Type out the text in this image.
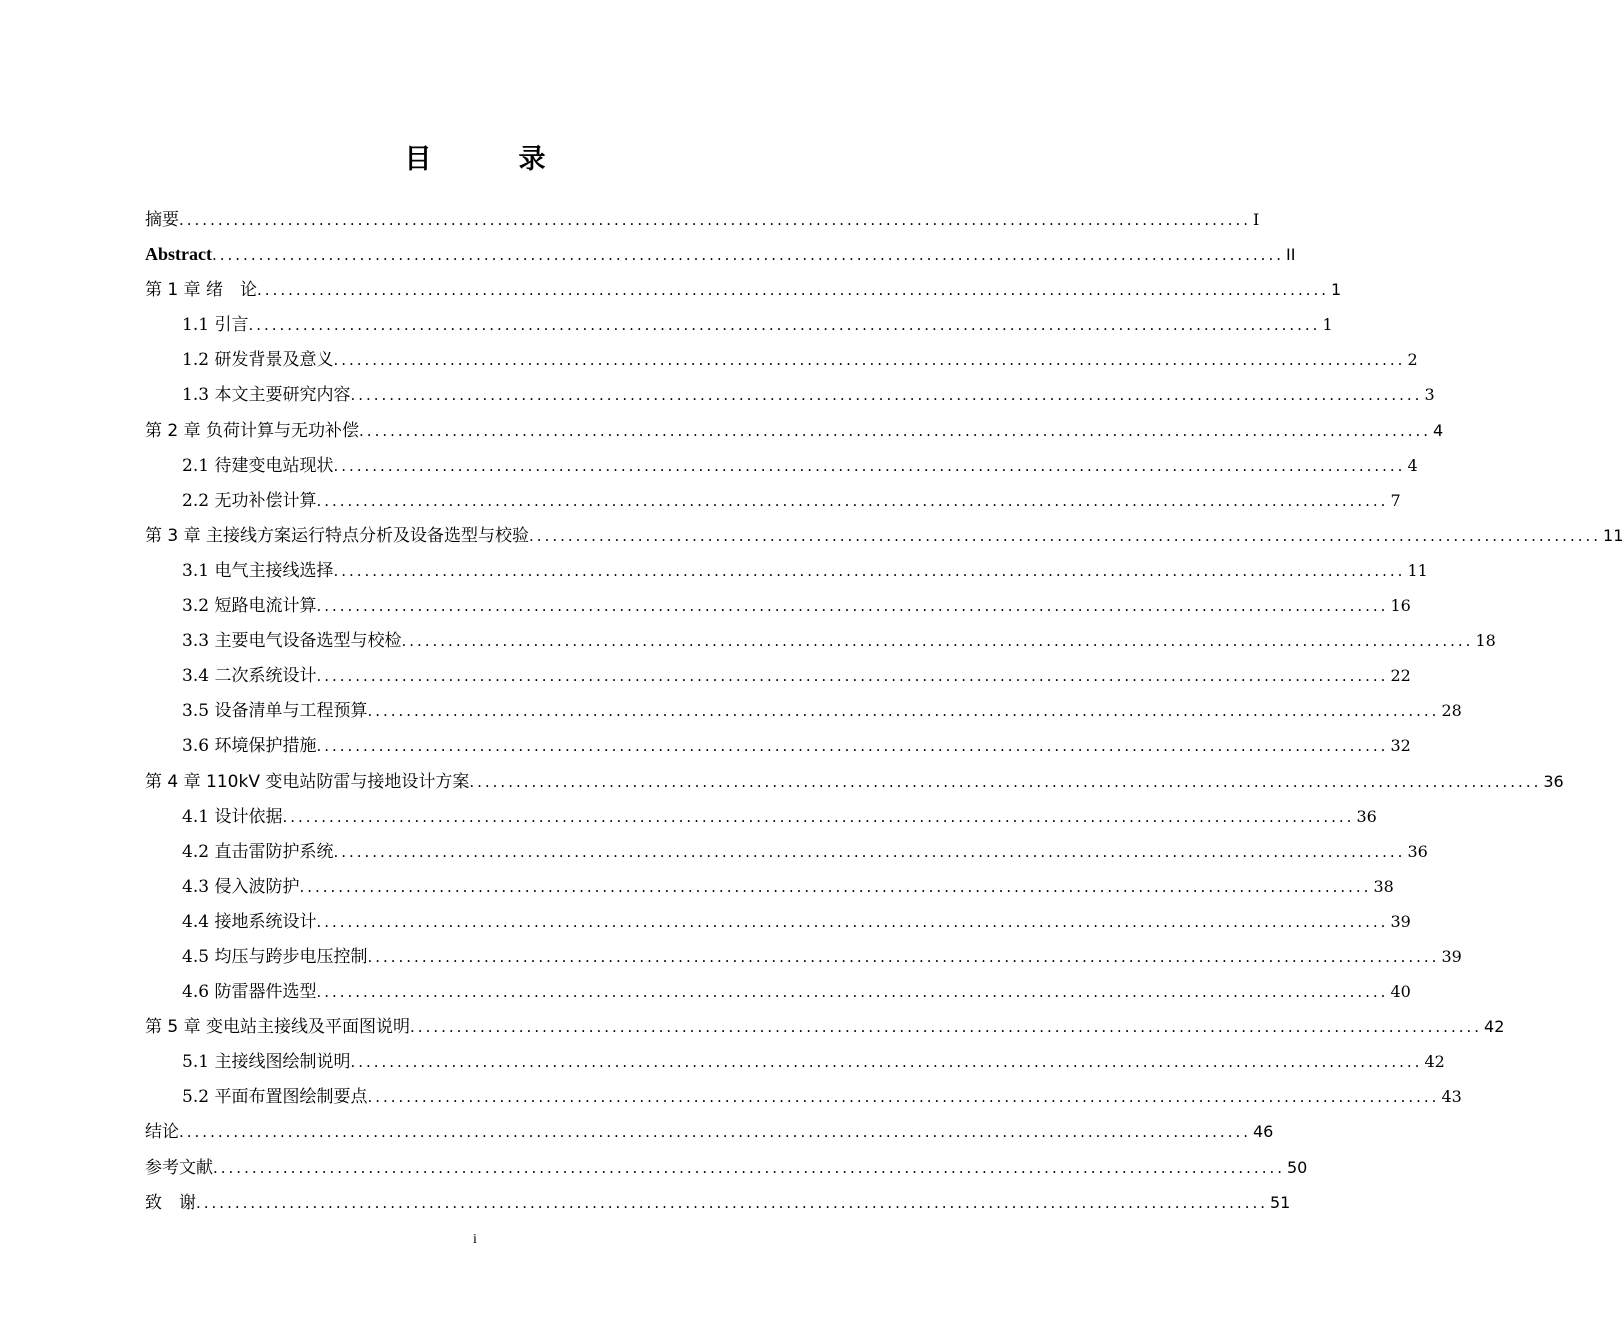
目　录
摘要 .......................................................................................................................................... I
Abstract .......................................................................................................................................... II
第 1 章 绪　论 .......................................................................................................................................... 1
1.1 引言 .......................................................................................................................................... 1
1.2 研发背景及意义 .......................................................................................................................................... 2
1.3 本文主要研究内容 .......................................................................................................................................... 3
第 2 章 负荷计算与无功补偿 .......................................................................................................................................... 4
2.1 待建变电站现状 .......................................................................................................................................... 4
2.2 无功补偿计算 .......................................................................................................................................... 7
第 3 章 主接线方案运行特点分析及设备选型与校验 .......................................................................................................................................... 11
3.1 电气主接线选择 .......................................................................................................................................... 11
3.2 短路电流计算 .......................................................................................................................................... 16
3.3 主要电气设备选型与校检 .......................................................................................................................................... 18
3.4 二次系统设计 .......................................................................................................................................... 22
3.5 设备清单与工程预算 .......................................................................................................................................... 28
3.6 环境保护措施 .......................................................................................................................................... 32
第 4 章 110kV 变电站防雷与接地设计方案 .......................................................................................................................................... 36
4.1 设计依据 .......................................................................................................................................... 36
4.2 直击雷防护系统 .......................................................................................................................................... 36
4.3 侵入波防护 .......................................................................................................................................... 38
4.4 接地系统设计 .......................................................................................................................................... 39
4.5 均压与跨步电压控制 .......................................................................................................................................... 39
4.6 防雷器件选型 .......................................................................................................................................... 40
第 5 章 变电站主接线及平面图说明 .......................................................................................................................................... 42
5.1 主接线图绘制说明 .......................................................................................................................................... 42
5.2 平面布置图绘制要点 .......................................................................................................................................... 43
结论 .......................................................................................................................................... 46
参考文献 .......................................................................................................................................... 50
致　谢 .......................................................................................................................................... 51
i
